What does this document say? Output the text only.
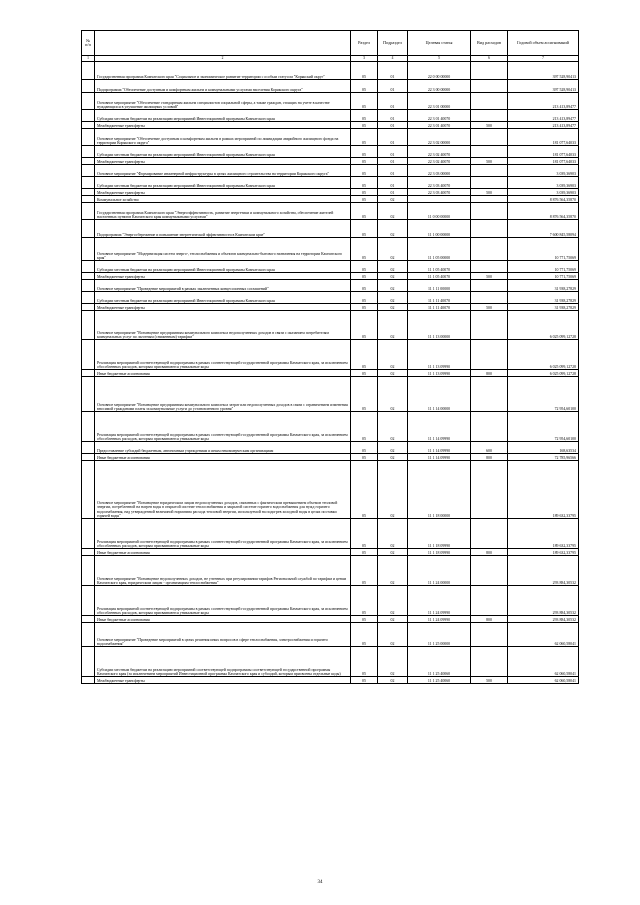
№ п/п		Раздел	Подраздел	Целевая статья	Вид расходов	Годовой объем ассигнований
1	2	3	4	5	6	7
	Государственная программа Камчатского края "Социальное и экономическое развитие территории с особым статусом "Корякский округ"	05	01	22 0 00 00000		397 528,90413
	Подпрограмма "Обеспечение доступным и комфортным жильем и коммунальными услугами населения Корякского округа"	05	01	22 3 00 00000		397 528,90413
	Основное мероприятие "Обеспечение стандартным жильем специалистов социальной сферы, а также граждан, стоящих на учете в качестве нуждающихся в улучшение жилищных условий"	05	01	22 3 01 00000		213 413,89477
	Субсидии местным бюджетам на реализацию мероприятий Инвестиционной программы Камчатского края	05	01	22 3 01 40070		213 413,89477
	Межбюджетные трансферты	05	01	22 3 01 40070	500	213 413,89477
	Основное мероприятие "Обеспечение доступным и комфортным жильем в рамках мероприятий по ликвидации аварийного жилищного фонда на территории Корякского округа"	05	01	22 3 02 00000		181 077,64033
	Субсидии местным бюджетам на реализацию мероприятий Инвестиционной программы Камчатского края	05	01	22 3 02 40070		181 077,64033
	Межбюджетные трансферты	05	01	22 3 02 40070	500	181 077,64033
	Основное мероприятие "Формирование инженерной инфраструктуры в целях жилищного строительства на территории Корякского округа"	05	01	22 3 03 00000		3 039,36903
	Субсидии местным бюджетам на реализацию мероприятий Инвестиционной программы Камчатского края	05	01	22 3 03 40070		3 039,36903
	Межбюджетные трансферты	05	01	22 3 03 40070	500	3 039,36903
	Коммунальное хозяйство	05	02			8 876 564,35870
	Государственная программа Камчатского края "Энергоэффективность, развитие энергетики и коммунального хозяйства, обеспечение жителей населенных пунктов Камчатского края коммунальными услугами"	05	02	11 0 00 00000		8 876 564,35870
	Подпрограмма "Энергосбережение и повышение энергетической эффективности в Камчатском крае"	05	02	11 1 00 00000		7 600 845,58094
	Основное мероприятие "Модернизация систем энерго-, теплоснабжения и объектов коммунально-бытового назначения на территории Камчатского края"	05	02	11 1 05 00000		10 771,75069
	Субсидии местным бюджетам на реализацию мероприятий Инвестиционной программы Камчатского края	05	02	11 1 05 40070		10 771,75069
	Межбюджетные трансферты	05	02	11 1 05 40070	500	10 771,75069
	Основное мероприятие "Проведение мероприятий в рамках заключенных концессионных соглашений"	05	02	11 1 11 00000		31 938,27829
	Субсидии местным бюджетам на реализацию мероприятий Инвестиционной программы Камчатского края	05	02	11 1 11 40070		31 938,27829
	Межбюджетные трансферты	05	02	11 1 11 40070	500	31 938,27829
	Основное мероприятие "Возмещение предприятиям коммунального комплекса недополученных доходов в связи с оказанием потребителям коммунальных услуг по льготным (сниженным) тарифам"	05	02	11 1 13 00000		6 025 099,12728
	Реализация мероприятий соответствующей подпрограммы в рамках соответствующей государственной программы Камчатского края, за исключением обособленных расходов, которым присваиваются уникальные коды	05	02	11 1 13 09990		6 025 099,12728
	Иные бюджетные ассигнования	05	02	11 1 13 09990	800	6 025 099,12728
	Основное мероприятие "Возмещение предприятиям коммунального комплекса затрат или недополученных доходов в связи с ограничением изменения вносимой гражданами платы за коммунальные услуги до установленного уровня"	05	02	11 1 14 00000		72 954,60100
	Реализация мероприятий соответствующей подпрограммы в рамках соответствующей государственной программы Камчатского края, за исключением обособленных расходов, которым присваиваются уникальные коды	05	02	11 1 14 09990		72 954,60100
	Предоставление субсидий бюджетным, автономным учреждениям и иным некоммерческим организациям	05	02	11 1 14 09990	600	168,63534
	Иные бюджетные ассигнования	05	02	11 1 14 09990	800	72 785,96566
	Основное мероприятие "Возмещение юридическим лицам недополученных доходов, связанных с фактическим превышением объемов тепловой энергии, потребленной на нагрев воды в открытой системе теплоснабжения и закрытой системе горячего водоснабжения для нужд горячего водоснабжения, над утвержденной величиной норматива расхода тепловой энергии, используемой на подогрев холодной воды в целях поставки горячей воды"	05	02	11 1 18 00000		189 632,33795
	Реализация мероприятий соответствующей подпрограммы в рамках соответствующей государственной программы Камчатского края, за исключением обособленных расходов, которым присваиваются уникальные коды	05	02	11 1 18 09990		189 632,33795
	Иные бюджетные ассигнования	05	02	11 1 18 09990	800	189 632,33795
	Основное мероприятие "Возмещение недополученных доходов, не учтенных при регулировании тарифов Региональной службой по тарифам и ценам Камчатского края, юридическим лицам - организациям теплоснабжения"	05	02	11 1 24 00000		293 884,30532
	Реализация мероприятий соответствующей подпрограммы в рамках соответствующей государственной программы Камчатского края, за исключением обособленных расходов, которым присваиваются уникальные коды	05	02	11 1 24 09990		293 884,30532
	Иные бюджетные ассигнования	05	02	11 1 24 09990	800	293 884,30532
	Основное мероприятие "Проведение мероприятий в целях решения иных вопросов в сфере теплоснабжения, электроснабжения и горячего водоснабжения"	05	02	11 1 25 00000		62 060,58041
	Субсидии местным бюджетам на реализацию мероприятий соответствующей подпрограммы соответствующей государственной программы Камчатского края (за исключением мероприятий Инвестиционной программы Камчатского края и субсидий, которым присвоены отдельные коды)	05	02	11 1 25 40060		62 060,58041
	Межбюджетные трансферты	05	02	11 1 25 40060	500	62 060,58041
34
